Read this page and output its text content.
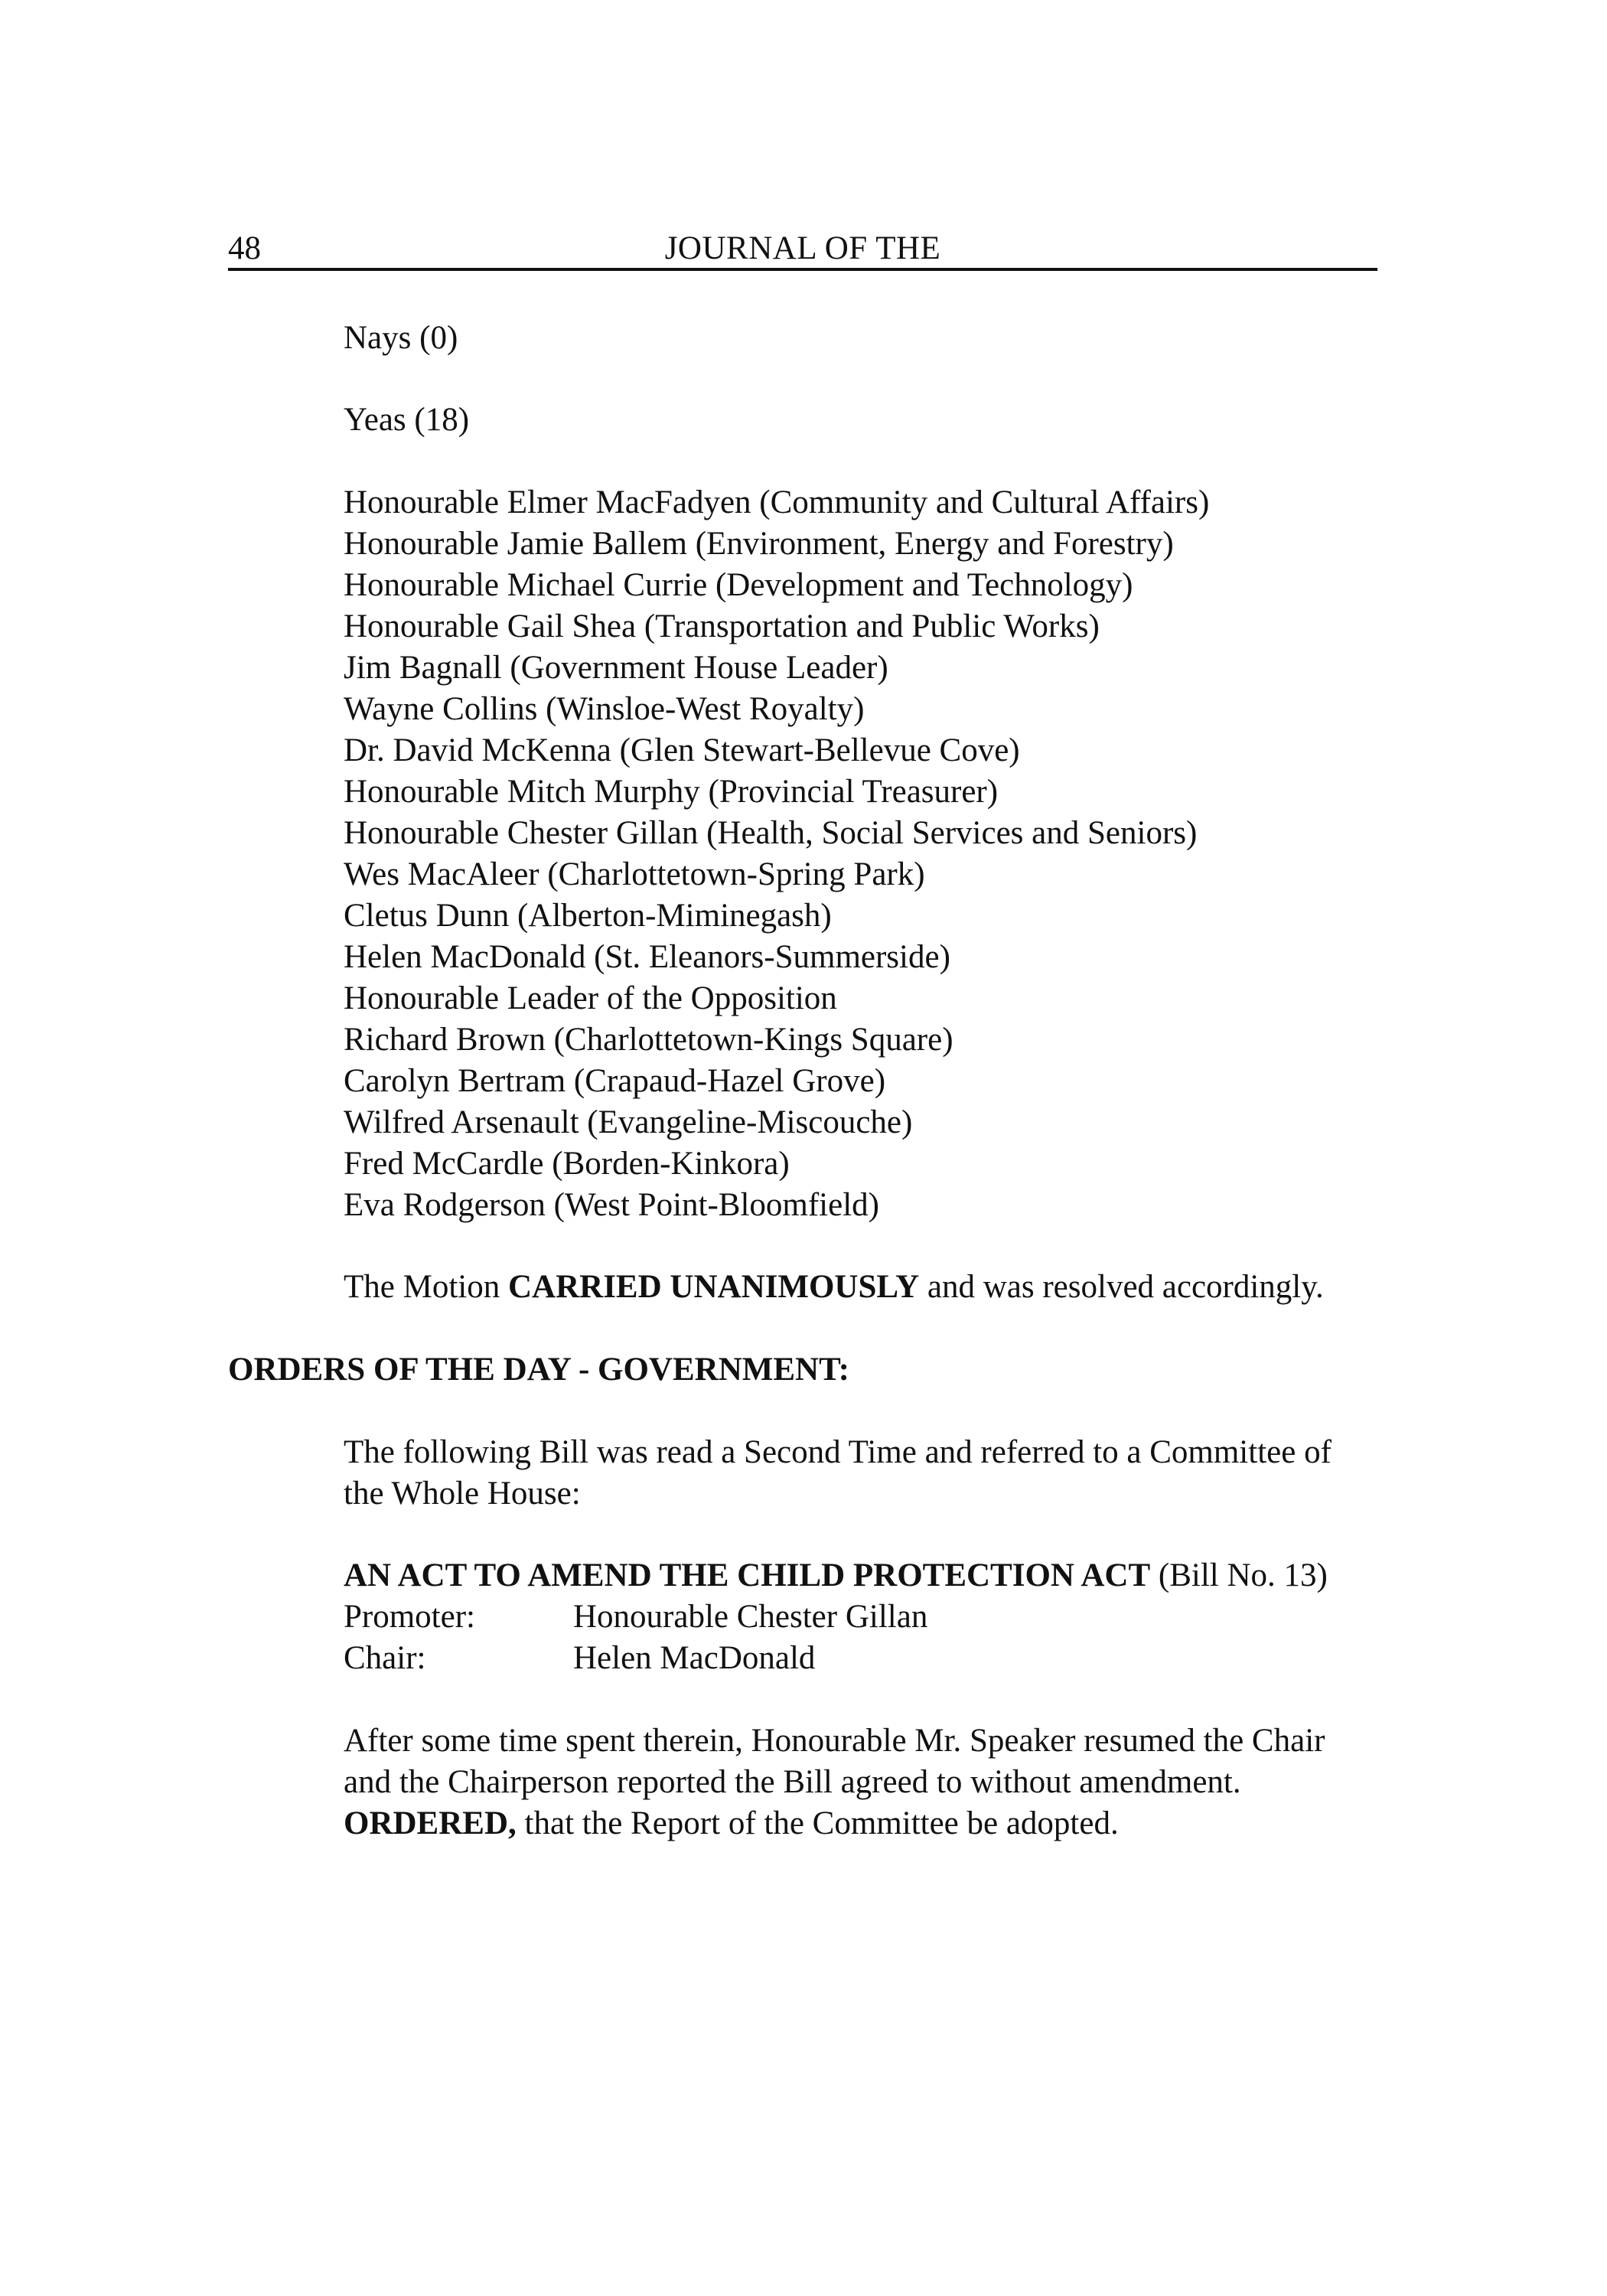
48	JOURNAL OF THE
Nays (0)
Yeas (18)
Honourable Elmer MacFadyen (Community and Cultural Affairs)
Honourable Jamie Ballem (Environment, Energy and Forestry)
Honourable Michael Currie (Development and Technology)
Honourable Gail Shea (Transportation and Public Works)
Jim Bagnall (Government House Leader)
Wayne Collins (Winsloe-West Royalty)
Dr. David McKenna (Glen Stewart-Bellevue Cove)
Honourable Mitch Murphy (Provincial Treasurer)
Honourable Chester Gillan (Health, Social Services and Seniors)
Wes MacAleer (Charlottetown-Spring Park)
Cletus Dunn (Alberton-Miminegash)
Helen MacDonald (St. Eleanors-Summerside)
Honourable Leader of the Opposition
Richard Brown (Charlottetown-Kings Square)
Carolyn Bertram (Crapaud-Hazel Grove)
Wilfred Arsenault (Evangeline-Miscouche)
Fred McCardle (Borden-Kinkora)
Eva Rodgerson (West Point-Bloomfield)
The Motion CARRIED UNANIMOUSLY and was resolved accordingly.
ORDERS OF THE DAY - GOVERNMENT:
The following Bill was read a Second Time and referred to a Committee of the Whole House:
AN ACT TO AMEND THE CHILD PROTECTION ACT (Bill No. 13)
Promoter:	Honourable Chester Gillan
Chair:	Helen MacDonald
After some time spent therein, Honourable Mr. Speaker resumed the Chair and the Chairperson reported the Bill agreed to without amendment.
ORDERED, that the Report of the Committee be adopted.
